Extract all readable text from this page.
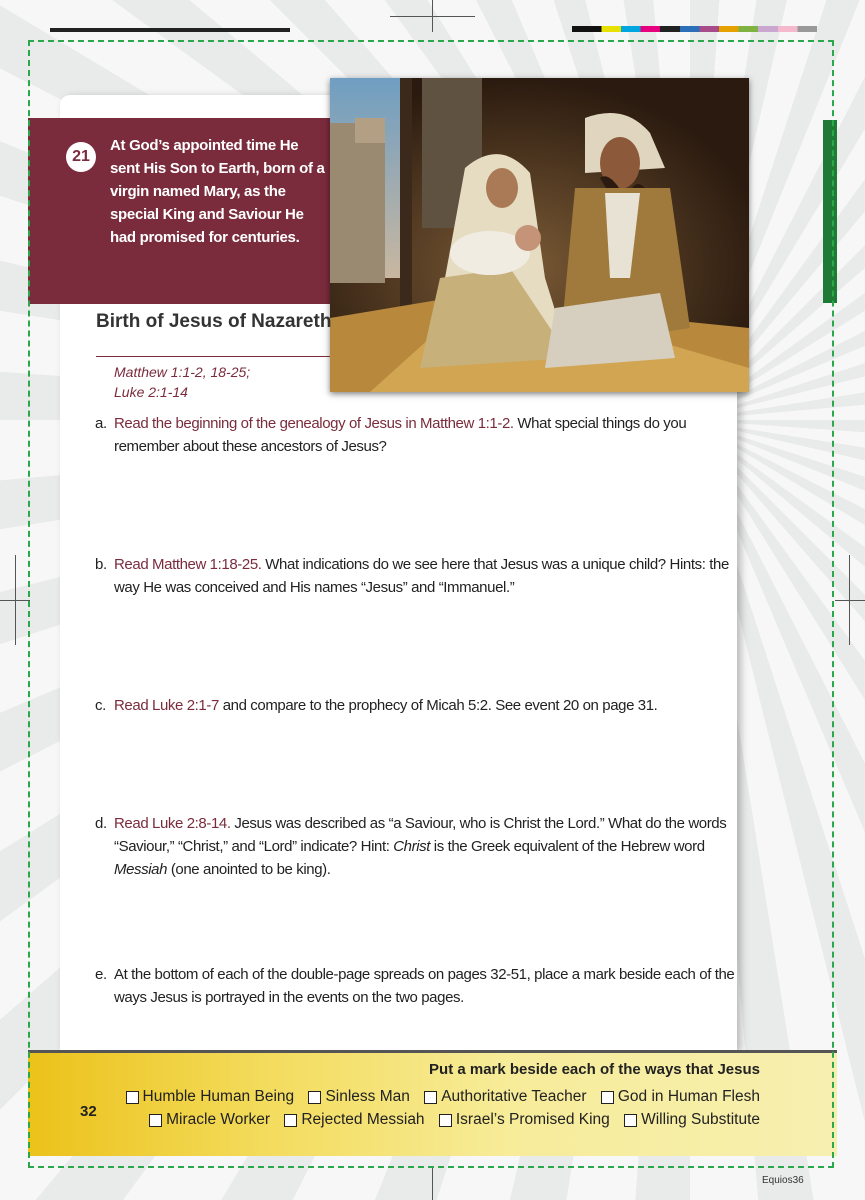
21
At God’s appointed time He sent His Son to Earth, born of a virgin named Mary, as the special King and Saviour He had promised for centuries.
Birth of Jesus of Nazareth
Matthew 1:1-2, 18-25;
Luke 2:1-14
a. Read the beginning of the genealogy of Jesus in Matthew 1:1-2. What special things do you remember about these ancestors of Jesus?
b. Read Matthew 1:18-25. What indications do we see here that Jesus was a unique child? Hints: the way He was conceived and His names “Jesus” and “Immanuel.”
c. Read Luke 2:1-7 and compare to the prophecy of Micah 5:2. See event 20 on page 31.
d. Read Luke 2:8-14. Jesus was described as “a Saviour, who is Christ the Lord.” What do the words “Saviour,” “Christ,” and “Lord” indicate? Hint: Christ is the Greek equivalent of the Hebrew word Messiah (one anointed to be king).
e. At the bottom of each of the double-page spreads on pages 32-51, place a mark beside each of the ways Jesus is portrayed in the events on the two pages.
32
Put a mark beside each of the ways that Jesus
Humble Human Being
Sinless Man
Authoritative Teacher
God in Human Flesh
Miracle Worker
Rejected Messiah
Israel’s Promised King
Willing Substitute
Equios36
